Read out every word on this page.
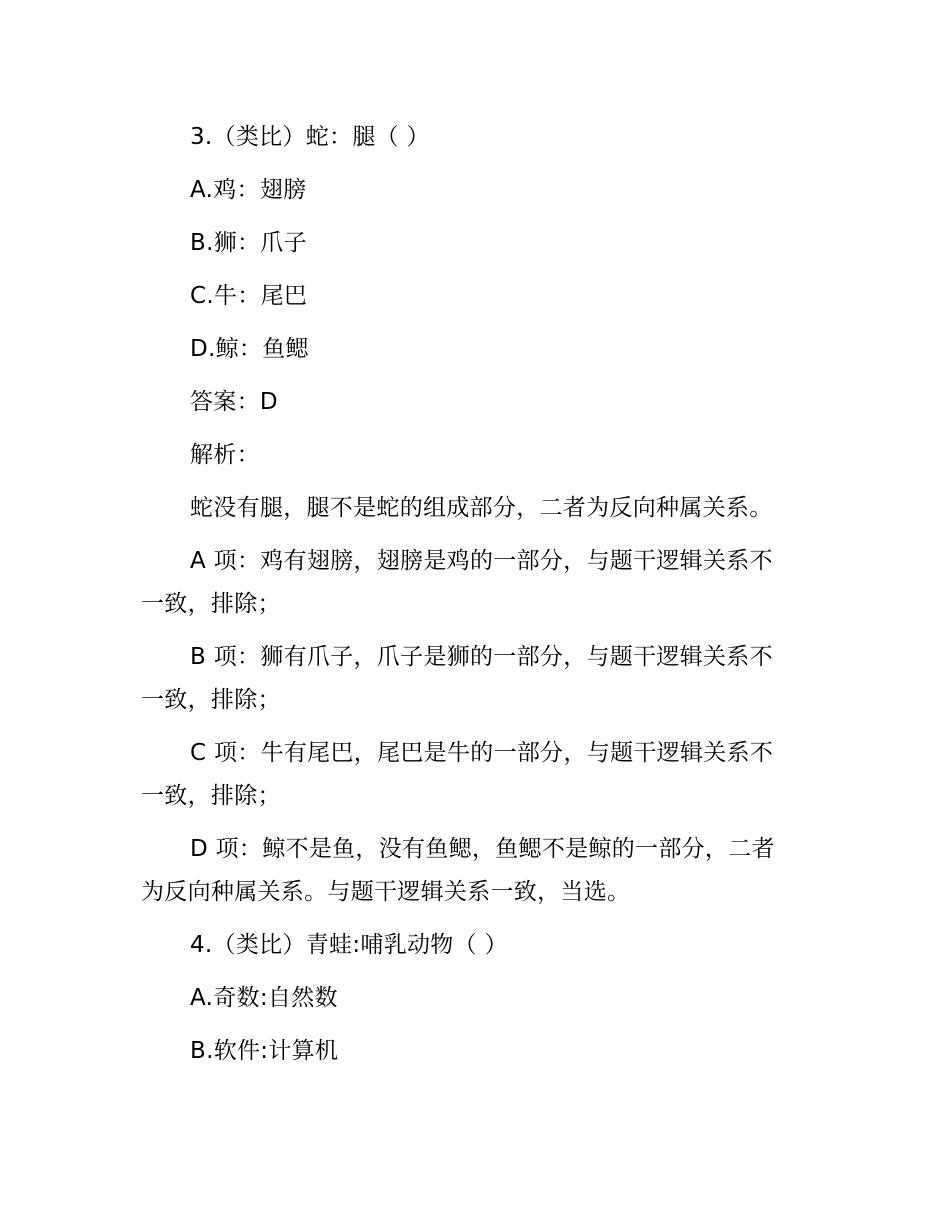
3.（类比）蛇：腿（ ）
A.鸡：翅膀
B.狮：爪子
C.牛：尾巴
D.鲸：鱼鳃
答案：D
解析：
蛇没有腿，腿不是蛇的组成部分，二者为反向种属关系。
A 项：鸡有翅膀，翅膀是鸡的一部分，与题干逻辑关系不
一致，排除；
B 项：狮有爪子，爪子是狮的一部分，与题干逻辑关系不
一致，排除；
C 项：牛有尾巴，尾巴是牛的一部分，与题干逻辑关系不
一致，排除；
D 项：鲸不是鱼，没有鱼鳃，鱼鳃不是鲸的一部分，二者
为反向种属关系。与题干逻辑关系一致，当选。
4.（类比）青蛙:哺乳动物（ ）
A.奇数:自然数
B.软件:计算机
